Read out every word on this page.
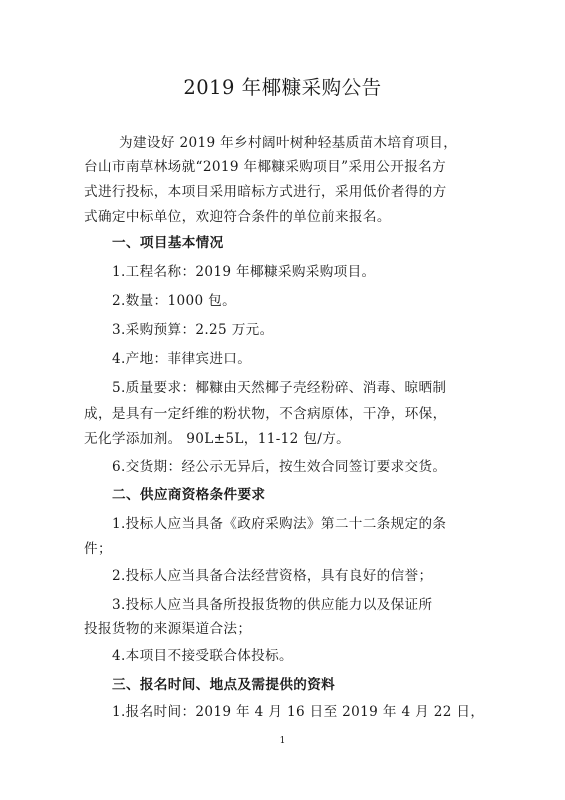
2019 年椰糠采购公告
为建设好 2019 年乡村阔叶树种轻基质苗木培育项目，
台山市南草林场就“2019 年椰糠采购项目”采用公开报名方
式进行投标，本项目采用暗标方式进行，采用低价者得的方
式确定中标单位，欢迎符合条件的单位前来报名。
一、项目基本情况
1.工程名称：2019 年椰糠采购采购项目。
2.数量：1000 包。
3.采购预算：2.25 万元。
4.产地：菲律宾进口。
5.质量要求：椰糠由天然椰子壳经粉碎、消毒、晾晒制
成，是具有一定纤维的粉状物，不含病原体，干净，环保，
无化学添加剂。 90L±5L，11-12 包/方。
6.交货期：经公示无异后，按生效合同签订要求交货。
二、供应商资格条件要求
1.投标人应当具备《政府采购法》第二十二条规定的条
件；
2.投标人应当具备合法经营资格，具有良好的信誉；
3.投标人应当具备所投报货物的供应能力以及保证所
投报货物的来源渠道合法；
4.本项目不接受联合体投标。
三、报名时间、地点及需提供的资料
1.报名时间：2019 年 4 月 16 日至 2019 年 4 月 22 日，
1
